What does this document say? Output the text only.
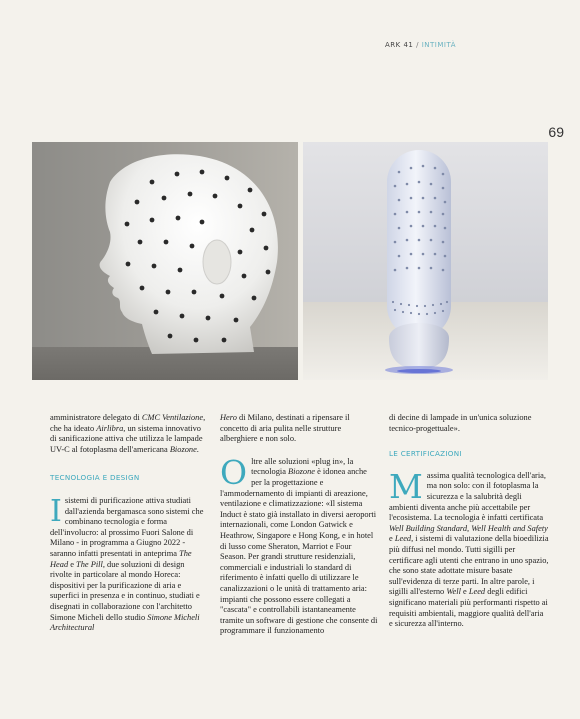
ARK 41 / INTIMITÀ
69

amministratore delegato di CMC Ventilazione, che ha ideato Airlibra, un sistema innovativo di sanificazione attiva che utilizza le lampade UV-C al fotoplasma dell'americana Biozone.

TECNOLOGIA E DESIGN

I sistemi di purificazione attiva studiati dall'azienda bergamasca sono sistemi che combinano tecnologia e forma dell'involucro: al prossimo Fuori Salone di Milano - in programma a Giugno 2022 - saranno infatti presentati in anteprima The Head e The Pill, due soluzioni di design rivolte in particolare al mondo Horeca: dispositivi per la purificazione di aria e superfici in presenza e in continuo, studiati e disegnati in collaborazione con l'architetto Simone Micheli dello studio Simone Micheli Architectural

Hero di Milano, destinati a ripensare il concetto di aria pulita nelle strutture alberghiere e non solo.

Oltre alle soluzioni «plug in», la tecnologia Biozone è idonea anche per la progettazione e l'ammodernamento di impianti di areazione, ventilazione e climatizzazione: «Il sistema Induct è stato già installato in diversi aeroporti internazionali, come London Gatwick e Heathrow, Singapore e Hong Kong, e in hotel di lusso come Sheraton, Marriot e Four Season. Per grandi strutture residenziali, commerciali e industriali lo standard di riferimento è infatti quello di utilizzare le canalizzazioni o le unità di trattamento aria: impianti che possono essere collegati a "cascata" e controllabili istantaneamente tramite un software di gestione che consente di programmare il funzionamento

di decine di lampade in un'unica soluzione tecnico-progettuale».

LE CERTIFICAZIONI

Massima qualità tecnologica dell'aria, ma non solo: con il fotoplasma la sicurezza e la salubrità degli ambienti diventa anche più accettabile per l'ecosistema. La tecnologia è infatti certificata Well Building Standard, Well Health and Safety e Leed, i sistemi di valutazione della bioedilizia più diffusi nel mondo. Tutti sigilli per certificare agli utenti che entrano in uno spazio, che sono state adottate misure basate sull'evidenza di terze parti. In altre parole, i sigilli all'esterno Well e Leed degli edifici significano materiali più performanti rispetto ai requisiti ambientali, maggiore qualità dell'aria e sicurezza all'interno.
